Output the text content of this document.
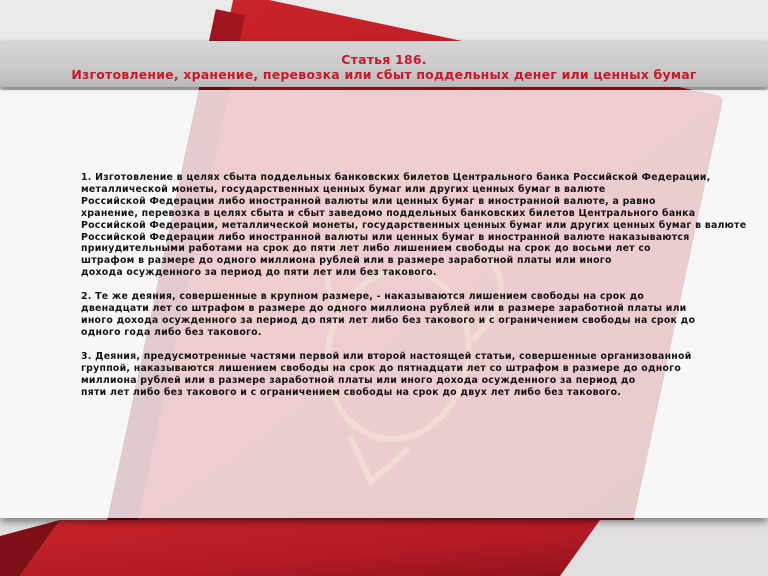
Статья 186.
Изготовление, хранение, перевозка или сбыт поддельных денег или ценных бумаг

1. Изготовление в целях сбыта поддельных банковских билетов Центрального банка Российской Федерации,
металлической монеты, государственных ценных бумаг или других ценных бумаг в валюте
Российской Федерации либо иностранной валюты или ценных бумаг в иностранной валюте, а равно
хранение, перевозка в целях сбыта и сбыт заведомо поддельных банковских билетов Центрального банка
Российской Федерации, металлической монеты, государственных ценных бумаг или других ценных бумаг в валюте
Российской Федерации либо иностранной валюты или ценных бумаг в иностранной валюте наказываются
принудительными работами на срок до пяти лет либо лишением свободы на срок до восьми лет со
штрафом в размере до одного миллиона рублей или в размере заработной платы или иного
дохода осужденного за период до пяти лет или без такового.

2. Те же деяния, совершенные в крупном размере, - наказываются лишением свободы на срок до
двенадцати лет со штрафом в размере до одного миллиона рублей или в размере заработной платы или
иного дохода осужденного за период до пяти лет либо без такового и с ограничением свободы на срок до
одного года либо без такового.

3. Деяния, предусмотренные частями первой или второй настоящей статьи, совершенные организованной
группой, наказываются лишением свободы на срок до пятнадцати лет со штрафом в размере до одного
миллиона рублей или в размере заработной платы или иного дохода осужденного за период до
пяти лет либо без такового и с ограничением свободы на срок до двух лет либо без такового.
